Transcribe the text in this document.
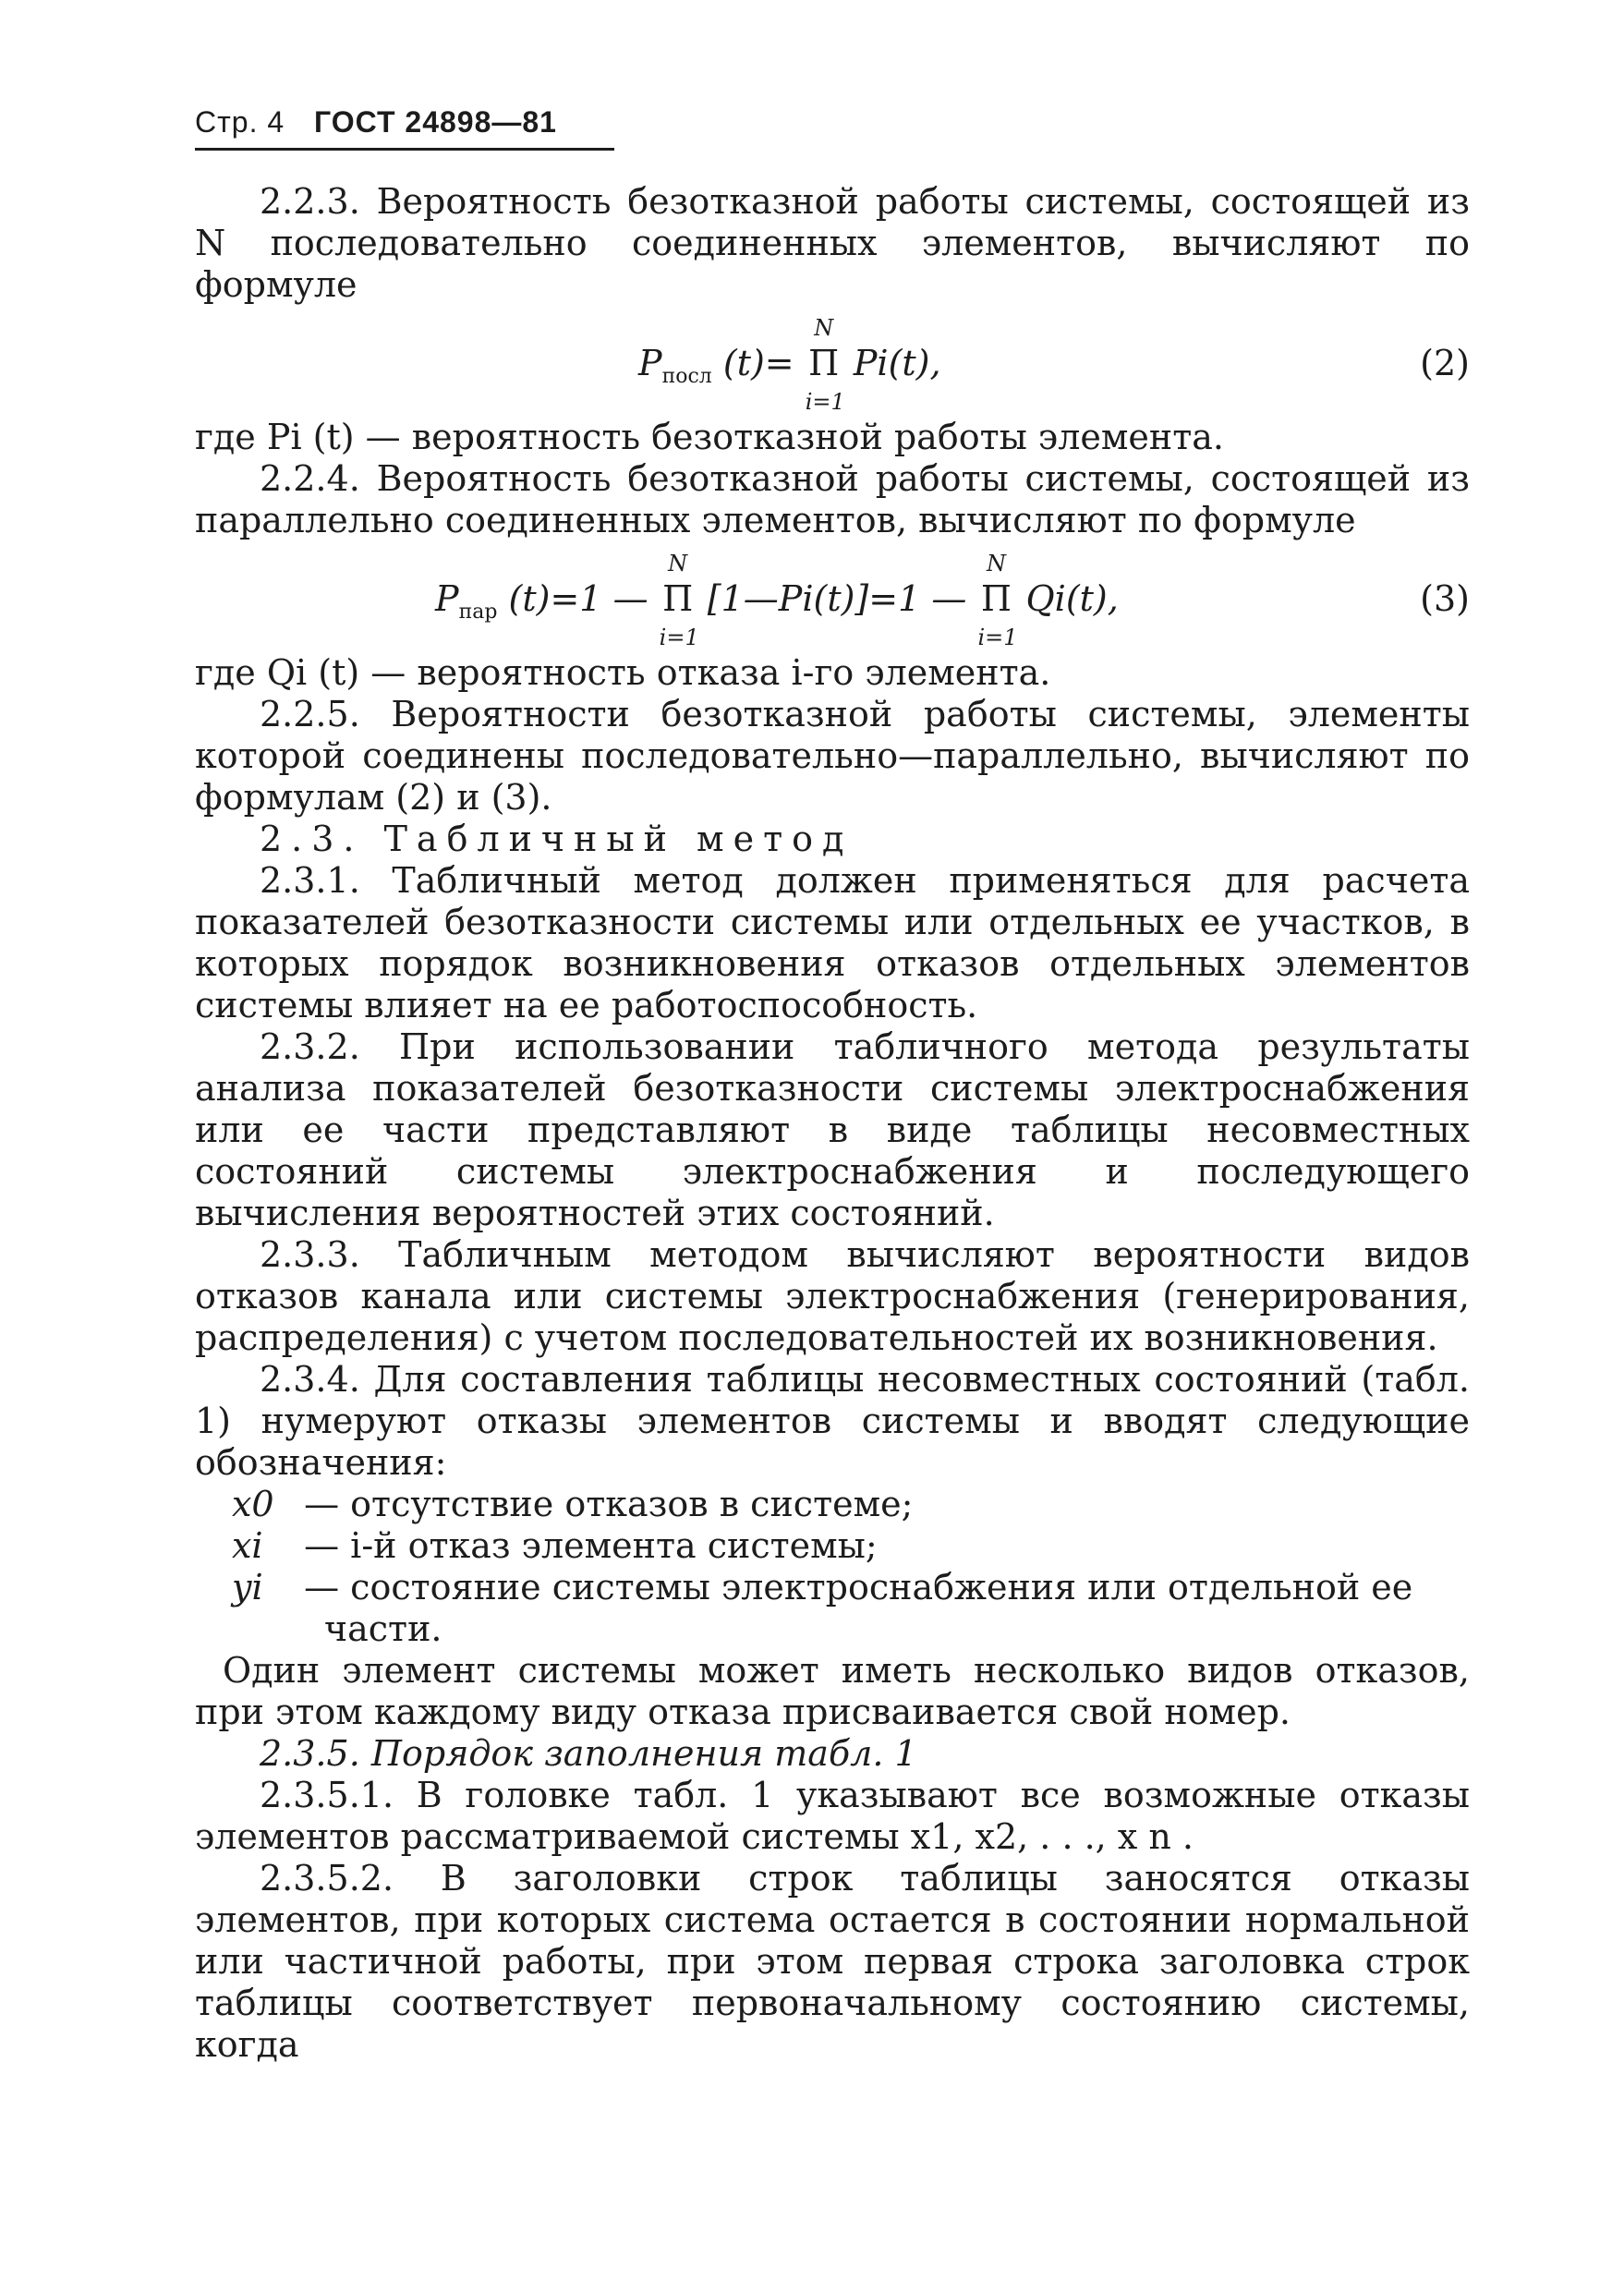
Стр. 4 ГОСТ 24898—81

2.2.3. Вероятность безотказной работы системы, состоящей из N последовательно соединенных элементов, вычисляют по формуле

$P_{посл}$ (t)=
N
Π
i=1
Pi(t),	(2)

где Pi (t) — вероятность безотказной работы элемента.

2.2.4. Вероятность безотказной работы системы, состоящей из параллельно соединенных элементов, вычисляют по формуле

$P_{пар}$ (t)=1 —
N
Π
i=1
[1—Pi(t)]=1 —
N
Π
i=1
Qi(t),	(3)

где Qi (t) — вероятность отказа i-го элемента.

2.2.5. Вероятности безотказной работы системы, элементы которой соединены последовательно—параллельно, вычисляют по формулам (2) и (3).

2.3. Табличный метод

2.3.1. Табличный метод должен применяться для расчета показателей безотказности системы или отдельных ее участков, в которых порядок возникновения отказов отдельных элементов системы влияет на ее работоспособность.

2.3.2. При использовании табличного метода результаты анализа показателей безотказности системы электроснабжения или ее части представляют в виде таблицы несовместных состояний системы электроснабжения и последующего вычисления вероятностей этих состояний.

2.3.3. Табличным методом вычисляют вероятности видов отказов канала или системы электроснабжения (генерирования, распределения) с учетом последовательностей их возникновения.

2.3.4. Для составления таблицы несовместных состояний (табл. 1) нумеруют отказы элементов системы и вводят следующие обозначения:

x0 — отсутствие отказов в системе;

xi — i-й отказ элемента системы;

yi — состояние системы электроснабжения или отдельной ее

части.

Один элемент системы может иметь несколько видов отказов, при этом каждому виду отказа присваивается свой номер.

2.3.5. Порядок заполнения табл. 1

2.3.5.1. В головке табл. 1 указывают все возможные отказы элементов рассматриваемой системы x1, x2, . . ., x n .

2.3.5.2. В заголовки строк таблицы заносятся отказы элементов, при которых система остается в состоянии нормальной или частичной работы, при этом первая строка заголовка строк таблицы соответствует первоначальному состоянию системы, когда
